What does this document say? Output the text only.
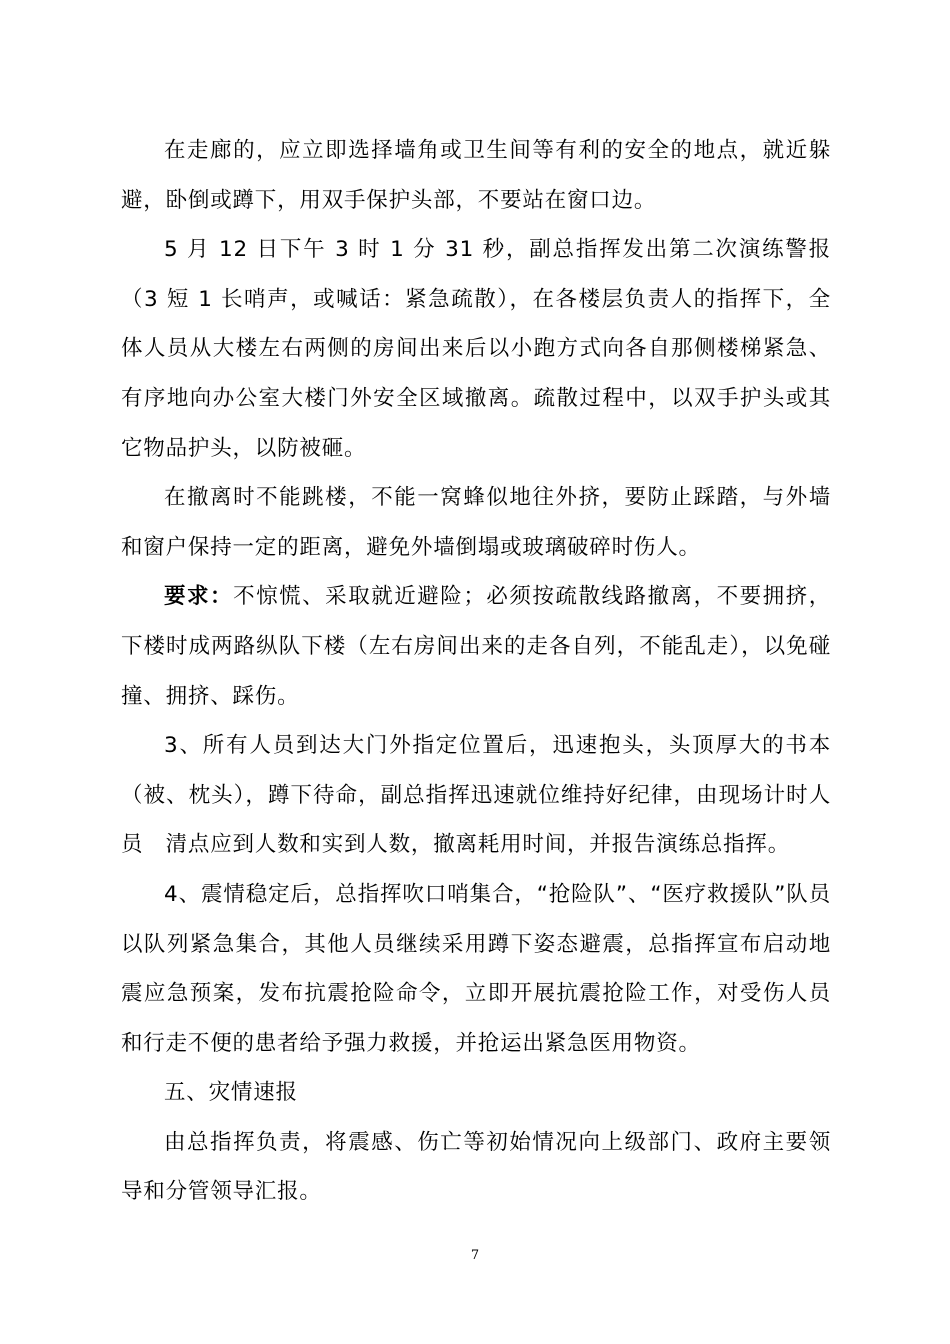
在走廊的，应立即选择墙角或卫生间等有利的安全的地点，就近躲避，卧倒或蹲下，用双手保护头部，不要站在窗口边。

5 月 12 日下午 3 时 1 分 31 秒，副总指挥发出第二次演练警报（3 短 1 长哨声，或喊话：紧急疏散），在各楼层负责人的指挥下，全体人员从大楼左右两侧的房间出来后以小跑方式向各自那侧楼梯紧急、有序地向办公室大楼门外安全区域撤离。疏散过程中，以双手护头或其它物品护头，以防被砸。

在撤离时不能跳楼，不能一窝蜂似地往外挤，要防止踩踏，与外墙和窗户保持一定的距离，避免外墙倒塌或玻璃破碎时伤人。

要求：不惊慌、采取就近避险；必须按疏散线路撤离，不要拥挤，下楼时成两路纵队下楼（左右房间出来的走各自列，不能乱走），以免碰撞、拥挤、踩伤。

3、所有人员到达大门外指定位置后，迅速抱头，头顶厚大的书本（被、枕头），蹲下待命，副总指挥迅速就位维持好纪律，由现场计时人员　清点应到人数和实到人数，撤离耗用时间，并报告演练总指挥。

4、震情稳定后，总指挥吹口哨集合，“抢险队”、“医疗救援队”队员以队列紧急集合，其他人员继续采用蹲下姿态避震，总指挥宣布启动地震应急预案，发布抗震抢险命令，立即开展抗震抢险工作，对受伤人员和行走不便的患者给予强力救援，并抢运出紧急医用物资。

五、灾情速报

由总指挥负责，将震感、伤亡等初始情况向上级部门、政府主要领导和分管领导汇报。

7
